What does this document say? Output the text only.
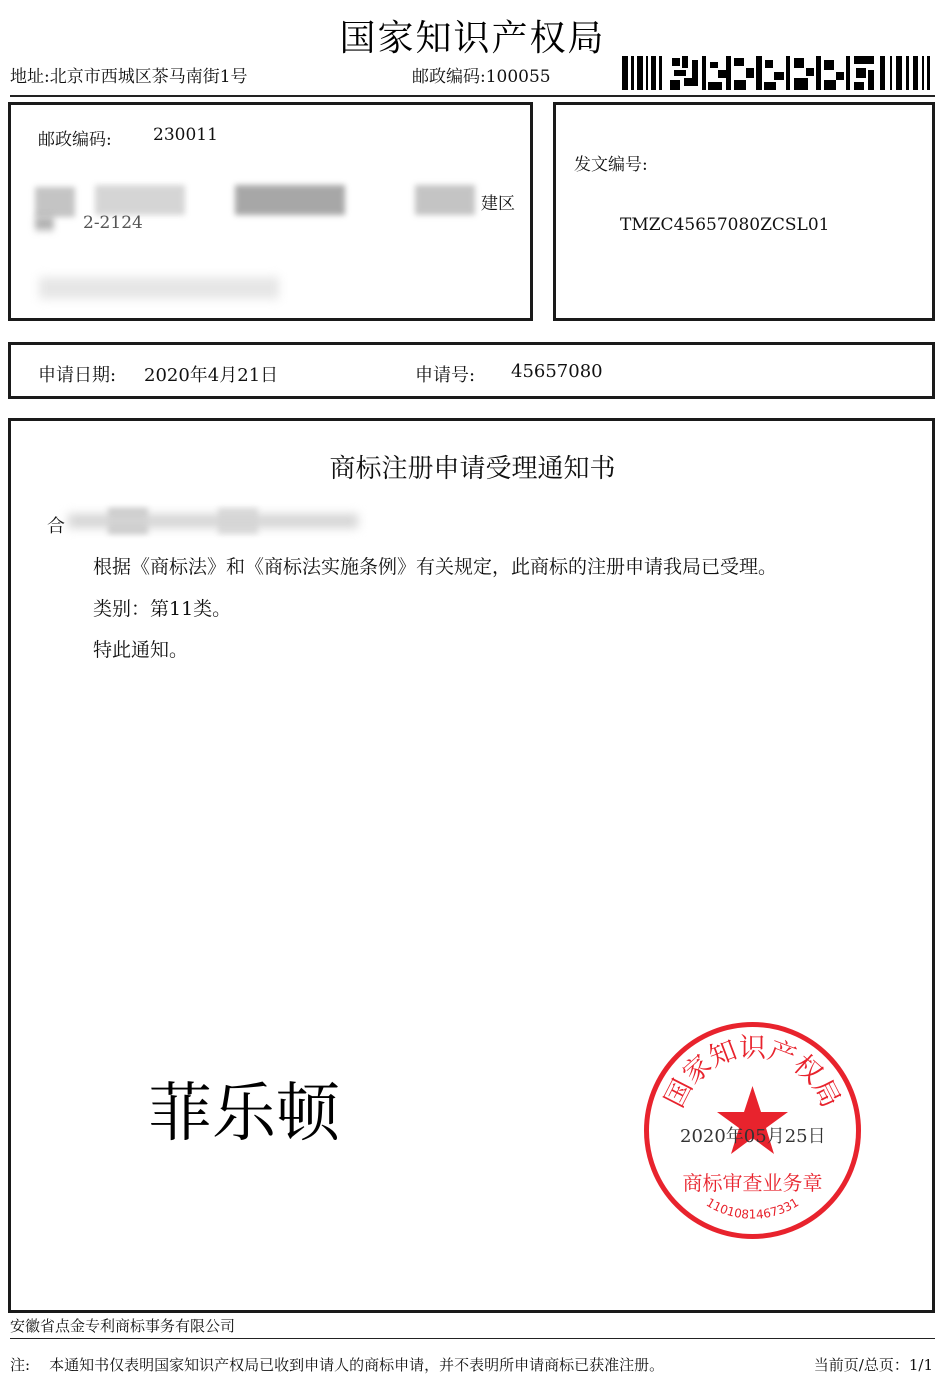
国家知识产权局
地址:北京市西城区茶马南街1号	邮政编码:100055
邮政编码: 230011
建区
▮▮	2-2124
发文编号:
TMZC45657080ZCSL01
申请日期: 2020年4月21日	申请号: 45657080
商标注册申请受理通知书
合
根据《商标法》和《商标法实施条例》有关规定，此商标的注册申请我局已受理。
类别：第11类。
特此通知。
菲乐顿	国家知识产权局
商标审查业务章
1101081467331
2020年05月25日
安徽省点金专利商标事务有限公司
注:    本通知书仅表明国家知识产权局已收到申请人的商标申请，并不表明所申请商标已获准注册。	当前页/总页：1/1
